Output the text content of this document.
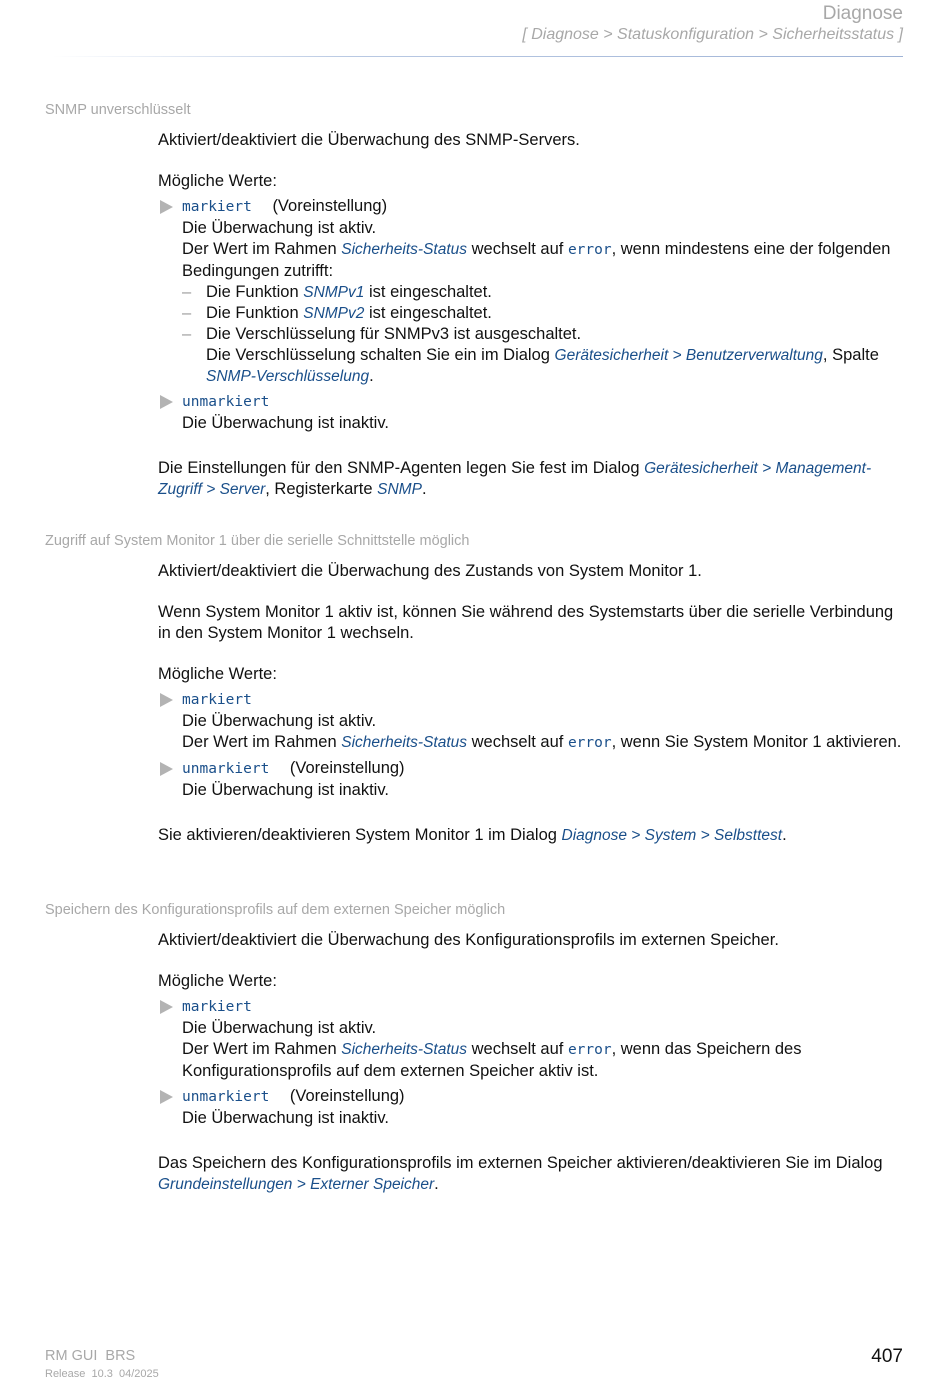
Diagnose
[ Diagnose > Statuskonfiguration > Sicherheitsstatus ]
SNMP unverschlüsselt

Aktiviert/deaktiviert die Überwachung des SNMP-Servers.

Mögliche Werte:

markiert (Voreinstellung)
Die Überwachung ist aktiv.
Der Wert im Rahmen Sicherheits-Status wechselt auf error, wenn mindestens eine der folgenden Bedingungen zutrifft:
– Die Funktion SNMPv1 ist eingeschaltet.
– Die Funktion SNMPv2 ist eingeschaltet.
– Die Verschlüsselung für SNMPv3 ist ausgeschaltet.
Die Verschlüsselung schalten Sie ein im Dialog Gerätesicherheit > Benutzerverwaltung, Spalte SNMP-Verschlüsselung.
unmarkiert
Die Überwachung ist inaktiv.

Die Einstellungen für den SNMP-Agenten legen Sie fest im Dialog Gerätesicherheit > Management-Zugriff > Server, Registerkarte SNMP.

Zugriff auf System Monitor 1 über die serielle Schnittstelle möglich

Aktiviert/deaktiviert die Überwachung des Zustands von System Monitor 1.

Wenn System Monitor 1 aktiv ist, können Sie während des Systemstarts über die serielle Verbindung in den System Monitor 1 wechseln.

Mögliche Werte:

markiert
Die Überwachung ist aktiv.
Der Wert im Rahmen Sicherheits-Status wechselt auf error, wenn Sie System Monitor 1 aktivieren.
unmarkiert (Voreinstellung)
Die Überwachung ist inaktiv.

Sie aktivieren/deaktivieren System Monitor 1 im Dialog Diagnose > System > Selbsttest.

Speichern des Konfigurationsprofils auf dem externen Speicher möglich

Aktiviert/deaktiviert die Überwachung des Konfigurationsprofils im externen Speicher.

Mögliche Werte:

markiert
Die Überwachung ist aktiv.
Der Wert im Rahmen Sicherheits-Status wechselt auf error, wenn das Speichern des Konfigurationsprofils auf dem externen Speicher aktiv ist.
unmarkiert (Voreinstellung)
Die Überwachung ist inaktiv.

Das Speichern des Konfigurationsprofils im externen Speicher aktivieren/deaktivieren Sie im Dialog Grundeinstellungen > Externer Speicher.

RM GUI  BRS
Release  10.3  04/2025
407
